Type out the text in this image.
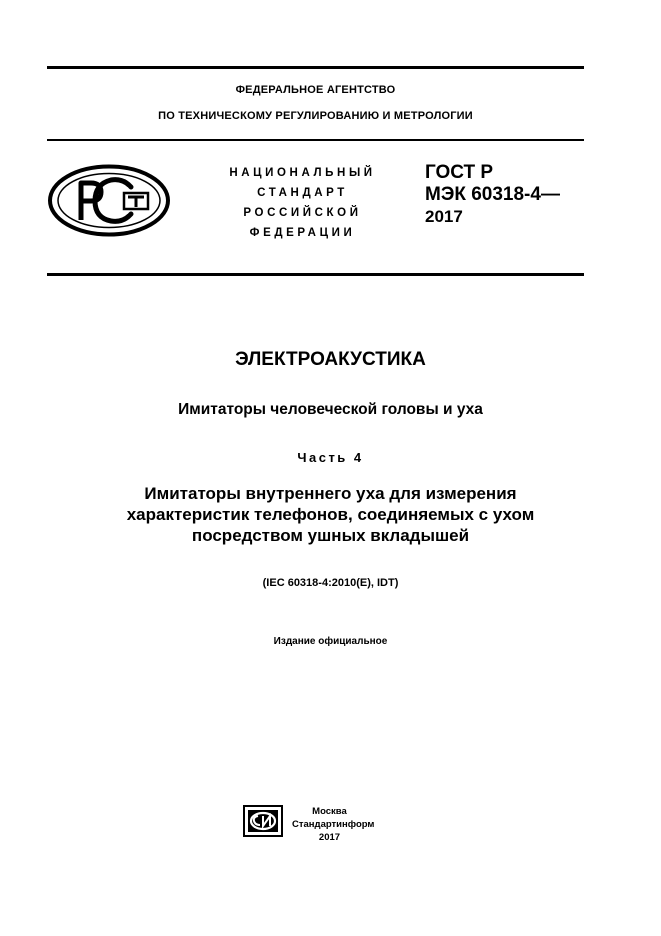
ФЕДЕРАЛЬНОЕ АГЕНТСТВО
ПО ТЕХНИЧЕСКОМУ РЕГУЛИРОВАНИЮ И МЕТРОЛОГИИ
НАЦИОНАЛЬНЫЙ
СТАНДАРТ
РОССИЙСКОЙ
ФЕДЕРАЦИИ
ГОСТ Р
МЭК 60318-4—
2017
ЭЛЕКТРОАКУСТИКА
Имитаторы человеческой головы и уха
Часть 4
Имитаторы внутреннего уха для измерения
характеристик телефонов, соединяемых с ухом
посредством ушных вкладышей
(IEC 60318-4:2010(E), IDT)
Издание официальное
Москва
Стандартинформ
2017
